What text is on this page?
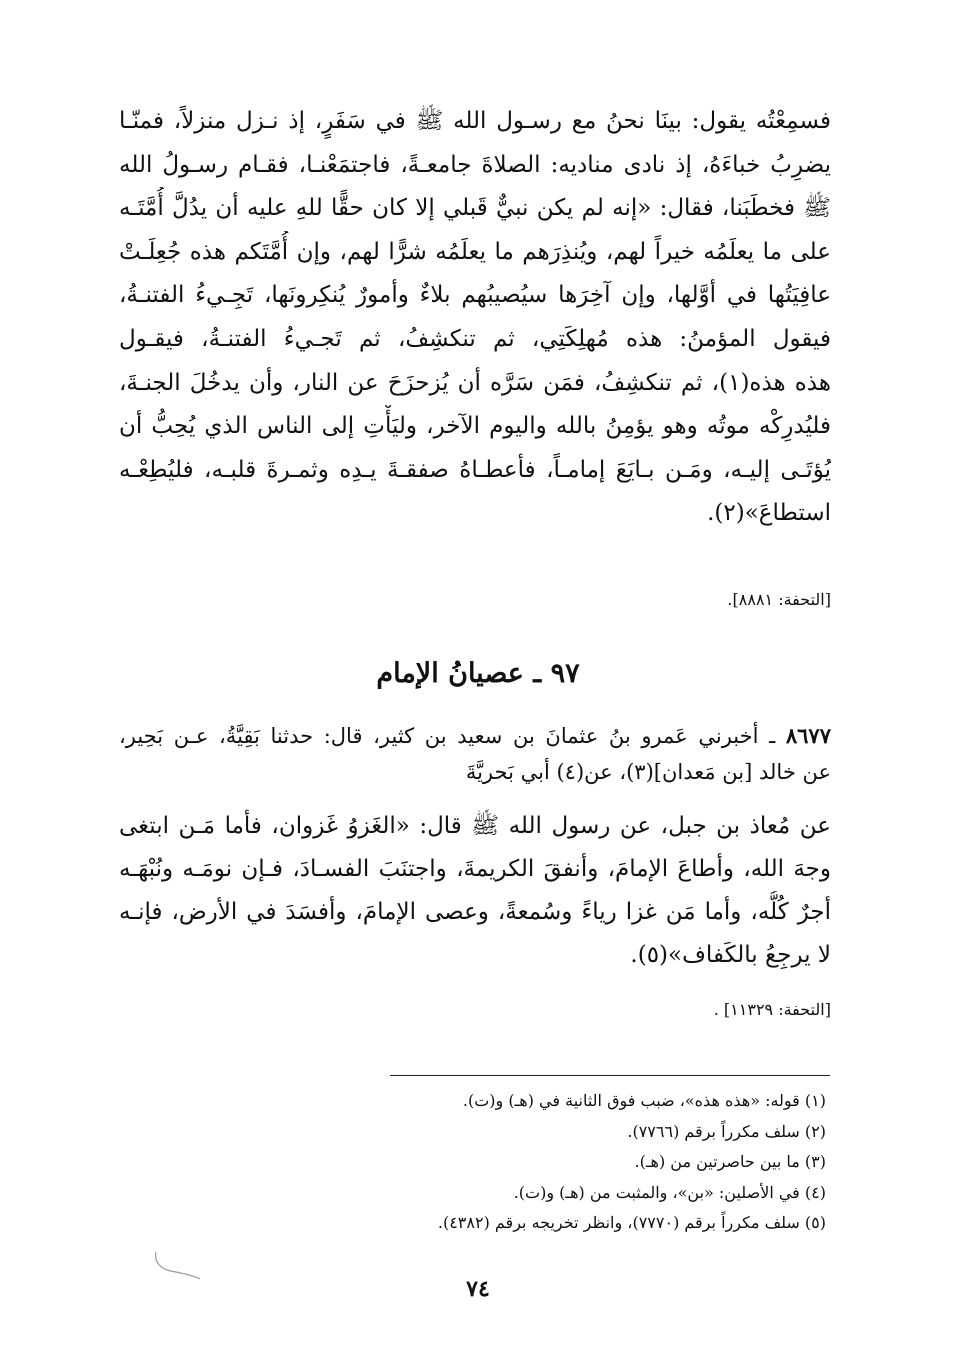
فسمِعْتُه يقول: بينَا نحنُ مع رسـول الله ﷺ في سَفَرٍ، إذ نـزل منزلاً، فمنّـا
يضرِبُ خباءَهُ، إذ نادى مناديه: الصلاةَ جامعـةً، فاجتمَعْنـا، فقـام رسـولُ الله
ﷺ فخطَبَنا، فقال: «إنه لم يكن نبيٌّ قَبلي إلا كان حقًّا للهِ عليه أن يدُلَّ أُمَّتَـه
على ما يعلَمُه خيراً لهم، ويُنذِرَهم ما يعلَمُه شرًّا لهم، وإن أُمَّتَكم هذه جُعِلَـتْ
عافِيَتُها في أوَّلها، وإن آخِرَها سيُصيبُهم بلاءٌ وأمورٌ يُنكِرونَها، تَجِـيءُ الفتنـةُ،
فيقول المؤمنُ: هذه مُهلِكَتِي، ثم تنكشِفُ، ثم تَجـيءُ الفتنـةُ، فيقـول
هذه هذه(١)، ثم تنكشِفُ، فمَن سَرَّه أن يُزحزَحَ عن النار، وأن يدخُلَ الجنـةَ،
فليُدرِكْه موتُه وهو يؤمِنُ بالله واليوم الآخر، وليَأْتِ إلى الناس الذي يُحِبُّ أن
يُؤتَـى إليـه، ومَـن بـايَعَ إمامـاً، فأعطـاهُ صفقـةَ يـدِه وثمـرةَ قلبـه، فليُطِعْـه
استطاعَ»(٢).
[التحفة: ٨٨٨١].
٩٧ ـ عصيانُ الإمام
٨٦٧٧ ـ أخبرني عَمرو بنُ عثمانَ بن سعيد بن كثير، قال: حدثنا بَقِيَّةُ، عـن بَحِير،
عن خالد [بن مَعدان](٣)، عن(٤) أبي بَحريَّةَ
عن مُعاذ بن جبل، عن رسول الله ﷺ قال: «الغَزوُ غَزوان، فأما مَـن ابتغى
وجهَ الله، وأطاعَ الإمامَ، وأنفقَ الكريمةَ، واجتنَبَ الفسـادَ، فـإن نومَـه ونُبْهَـه
أجرٌ كُلُّه، وأما مَن غزا رياءً وسُمعةً، وعصى الإمامَ، وأفسَدَ في الأرض، فإنـه
لا يرجِعُ بالكَفاف»(٥).
[التحفة: ١١٣٢٩] .
(١) قوله: «هذه هذه»، ضبب فوق الثانية في (هـ) و(ت).
(٢) سلف مكرراً برقم (٧٧٦٦).
(٣) ما بين حاصرتين من (هـ).
(٤) في الأصلين: «بن»، والمثبت من (هـ) و(ت).
(٥) سلف مكرراً برقم (٧٧٧٠)، وانظر تخريجه برقم (٤٣٨٢).
٧٤
